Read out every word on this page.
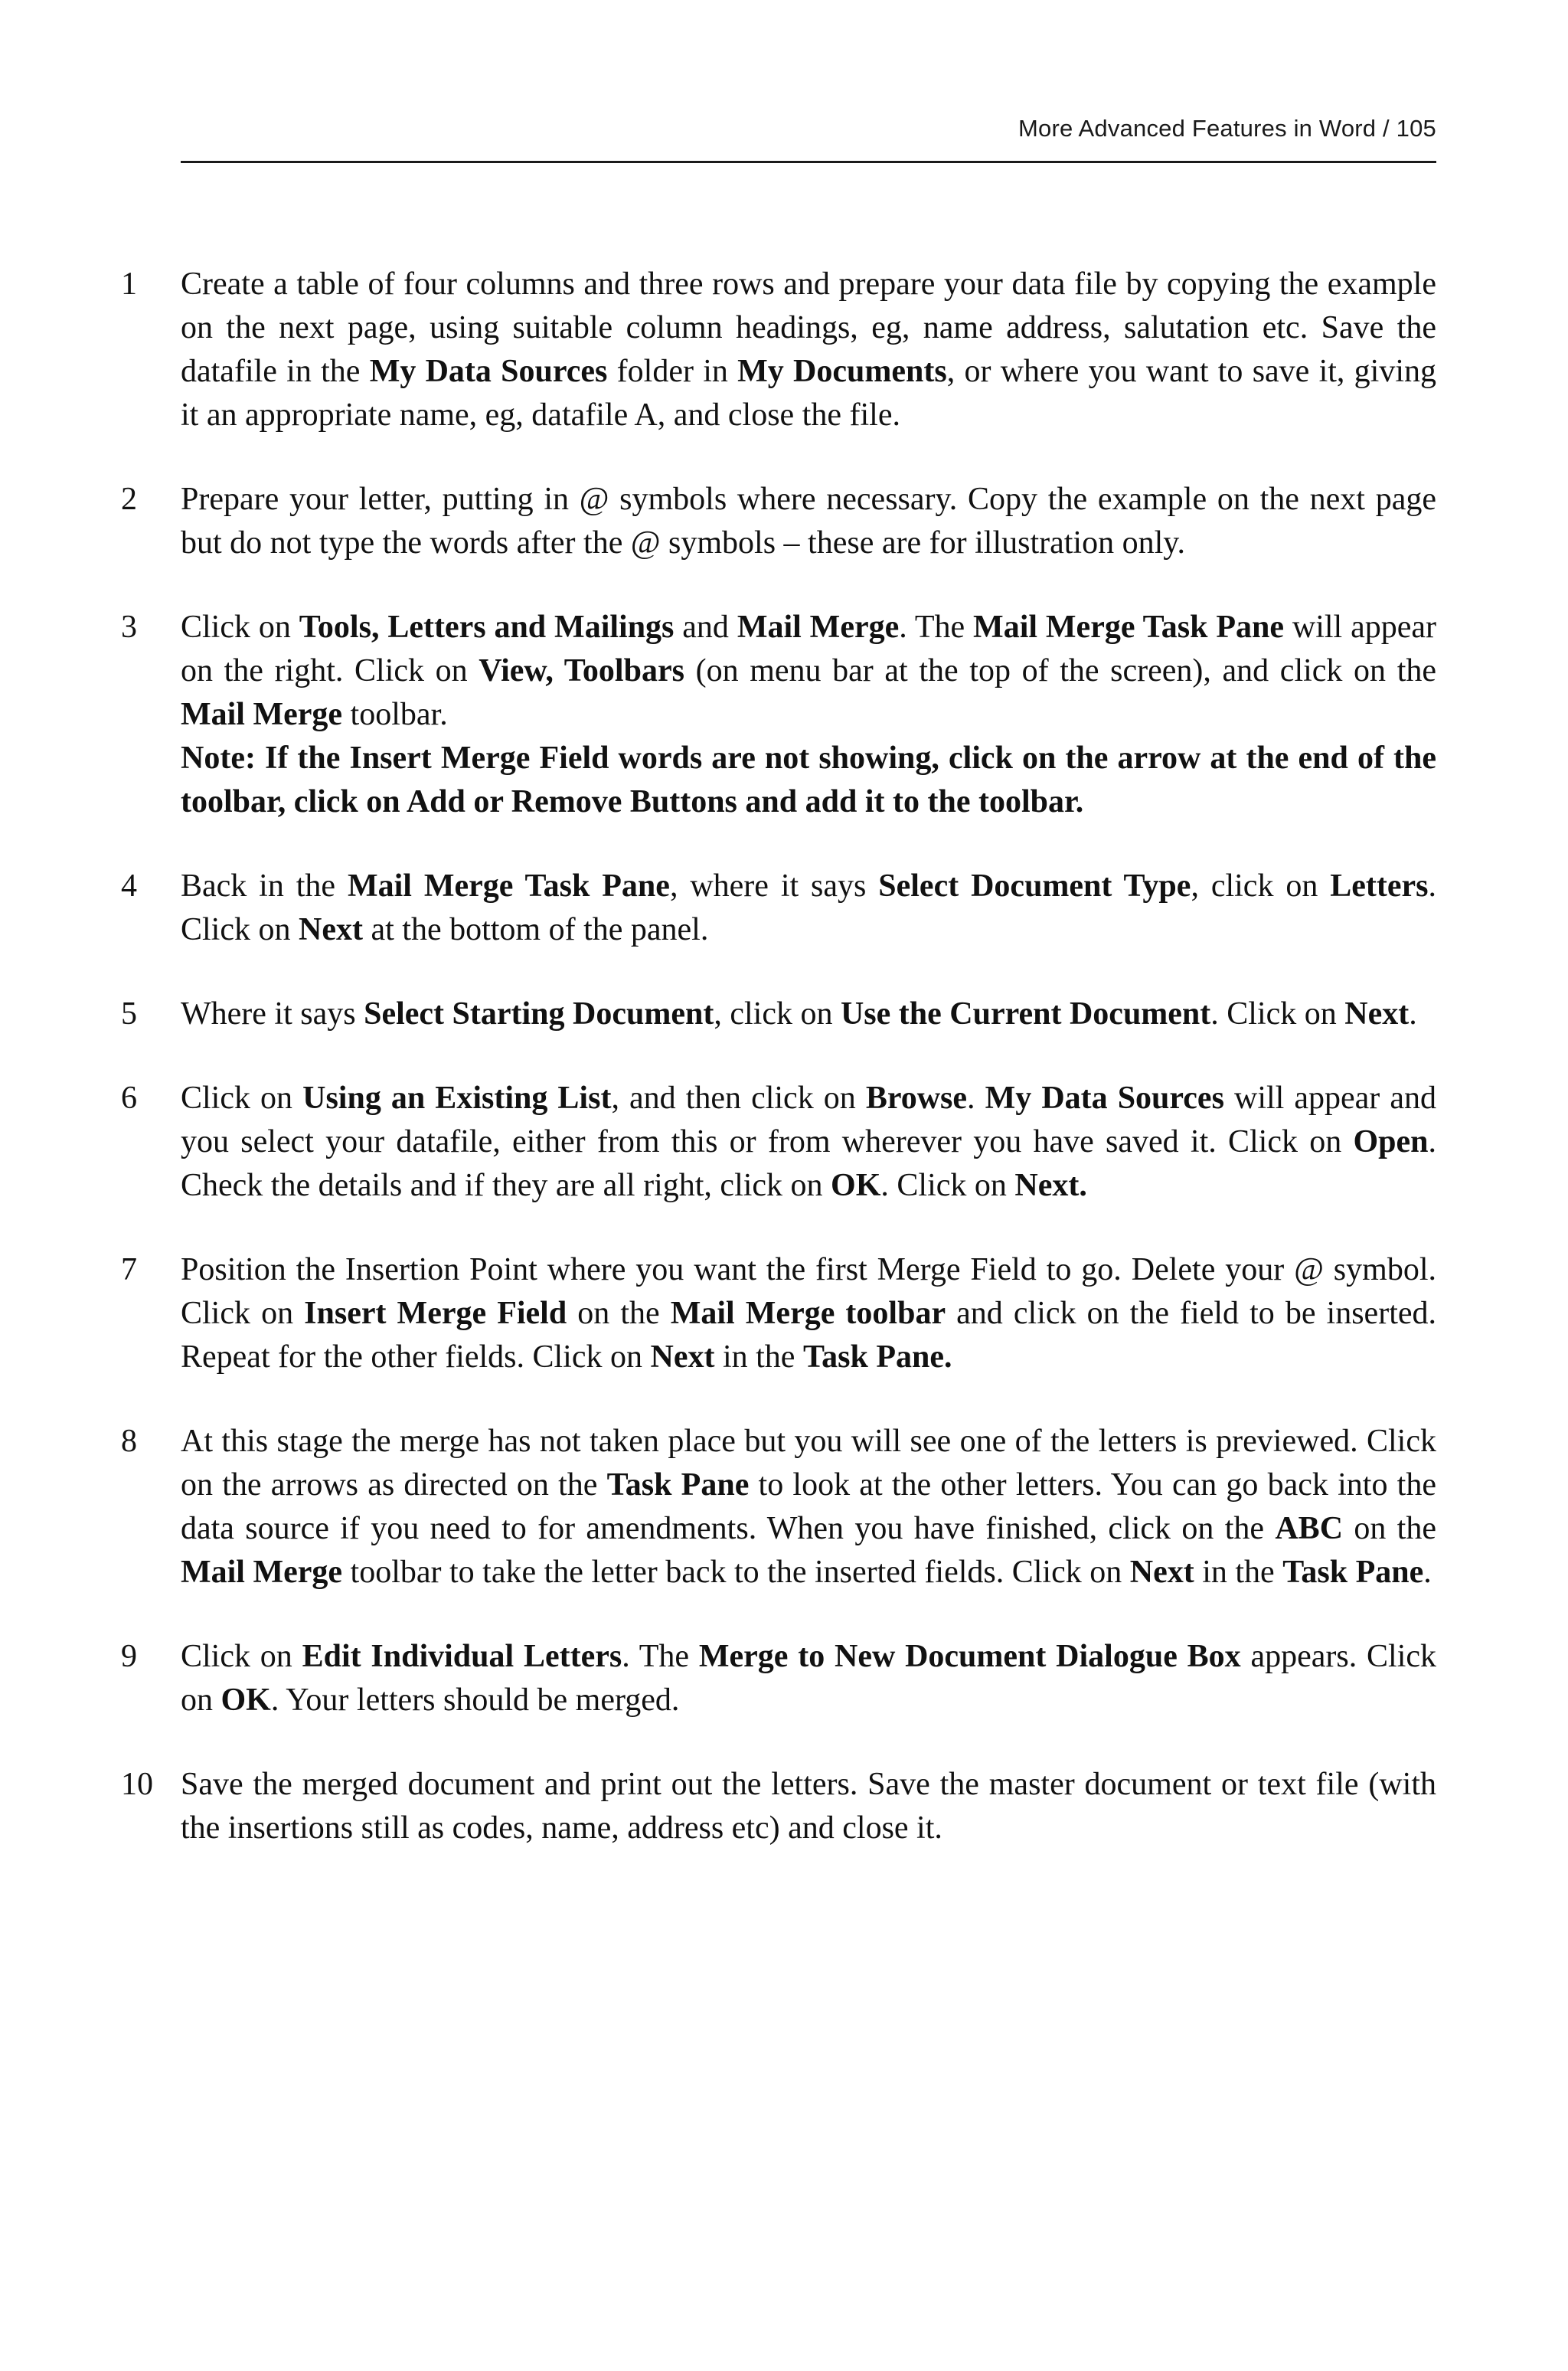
More Advanced Features in Word / 105
1	Create a table of four columns and three rows and prepare your data file by copying the example on the next page, using suitable column headings, eg, name address, salutation etc. Save the datafile in the My Data Sources folder in My Documents, or where you want to save it, giving it an appropriate name, eg, datafile A, and close the file.
2	Prepare your letter, putting in @ symbols where necessary. Copy the example on the next page but do not type the words after the @ symbols – these are for illustration only.
3	Click on Tools, Letters and Mailings and Mail Merge. The Mail Merge Task Pane will appear on the right. Click on View, Toolbars (on menu bar at the top of the screen), and click on the Mail Merge toolbar.
Note: If the Insert Merge Field words are not showing, click on the arrow at the end of the toolbar, click on Add or Remove Buttons and add it to the toolbar.
4	Back in the Mail Merge Task Pane, where it says Select Document Type, click on Letters. Click on Next at the bottom of the panel.
5	Where it says Select Starting Document, click on Use the Current Document. Click on Next.
6	Click on Using an Existing List, and then click on Browse. My Data Sources will appear and you select your datafile, either from this or from wherever you have saved it. Click on Open. Check the details and if they are all right, click on OK. Click on Next.
7	Position the Insertion Point where you want the first Merge Field to go. Delete your @ symbol. Click on Insert Merge Field on the Mail Merge toolbar and click on the field to be inserted. Repeat for the other fields. Click on Next in the Task Pane.
8	At this stage the merge has not taken place but you will see one of the letters is previewed. Click on the arrows as directed on the Task Pane to look at the other letters. You can go back into the data source if you need to for amendments. When you have finished, click on the ABC on the Mail Merge toolbar to take the letter back to the inserted fields. Click on Next in the Task Pane.
9	Click on Edit Individual Letters. The Merge to New Document Dialogue Box appears. Click on OK. Your letters should be merged.
10 Save the merged document and print out the letters. Save the master document or text file (with the insertions still as codes, name, address etc) and close it.
